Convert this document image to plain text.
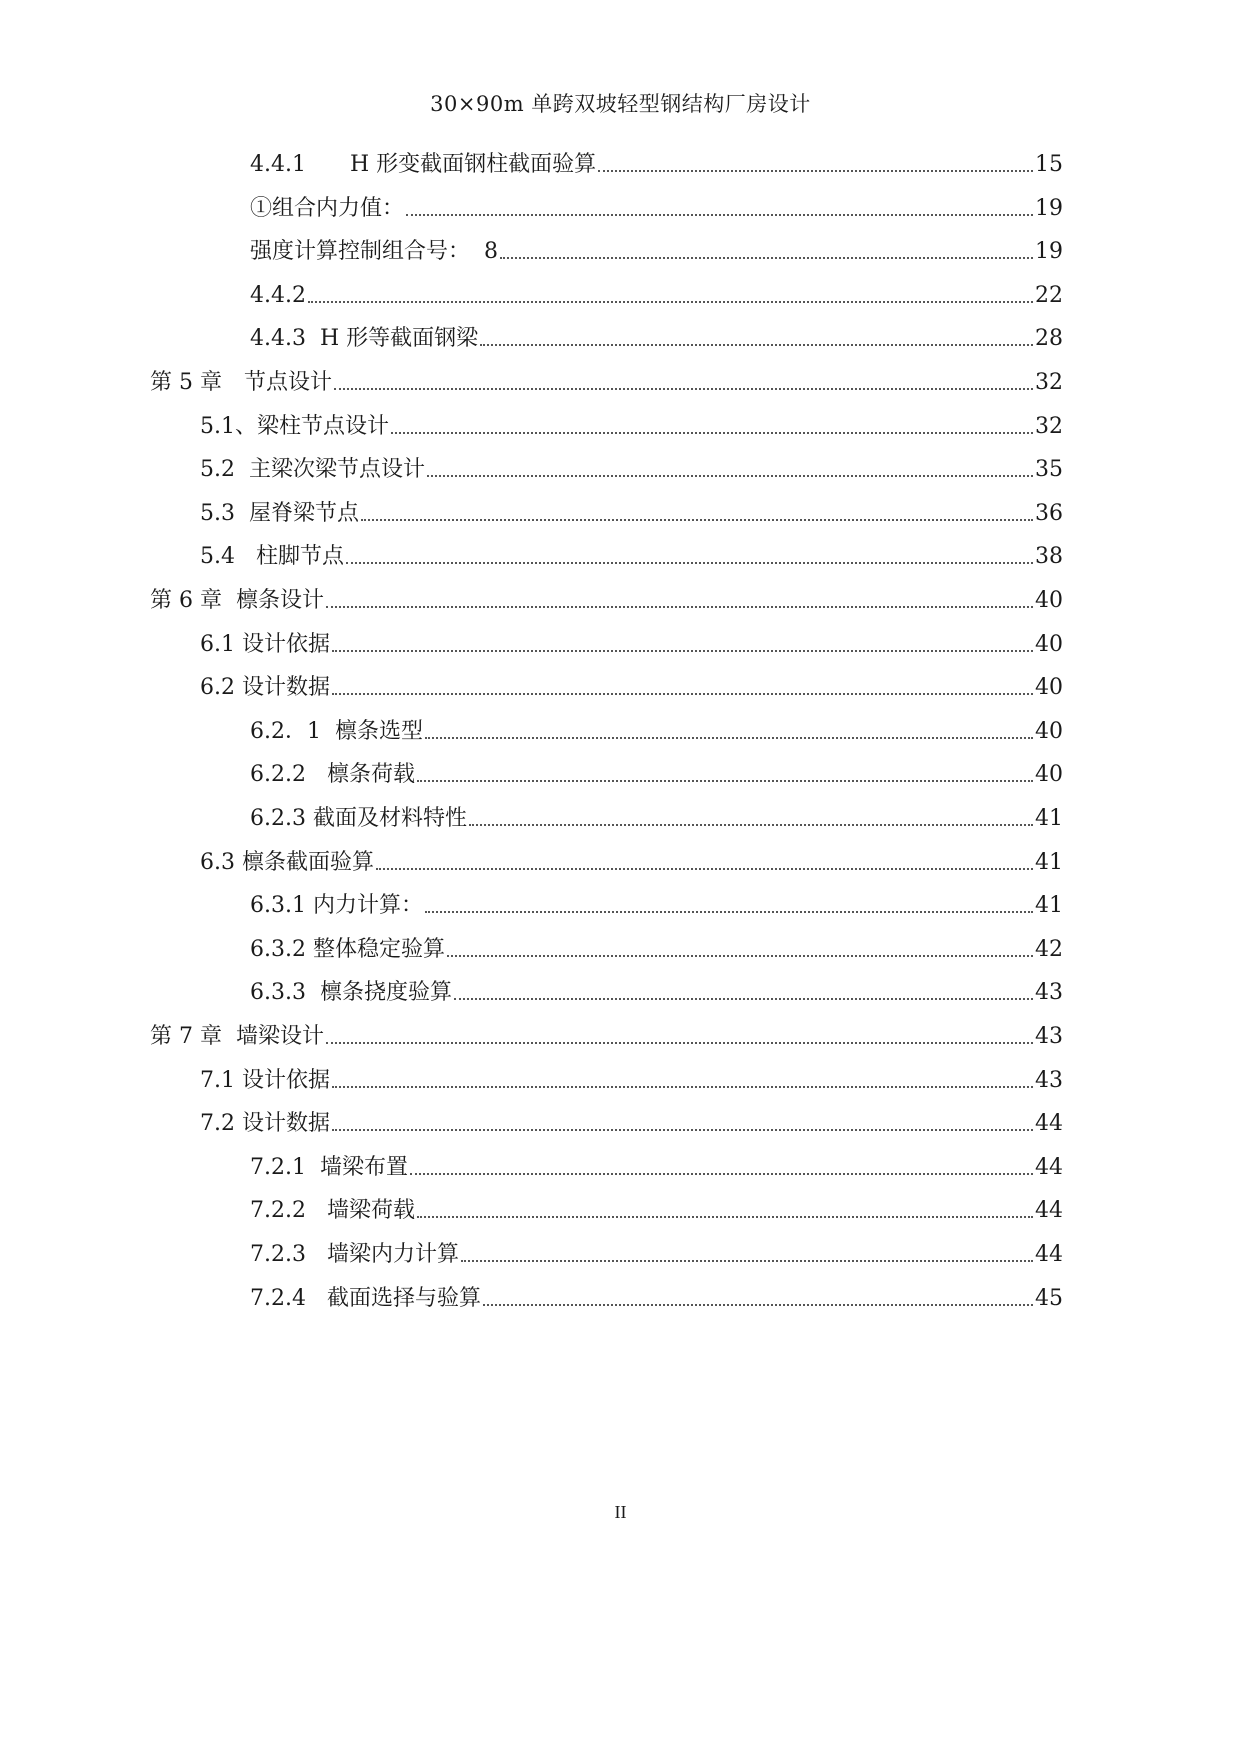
30×90m 单跨双坡轻型钢结构厂房设计
4.4.1　　H 形变截面钢柱截面验算	15
①组合内力值：	19
强度计算控制组合号：  8	19
4.4.2	22
4.4.3  H 形等截面钢梁	28
第 5 章　节点设计	32
5.1、梁柱节点设计	32
5.2  主梁次梁节点设计	35
5.3  屋脊梁节点	36
5.4   柱脚节点	38
第 6 章  檩条设计	40
6.1 设计依据	40
6.2 设计数据	40
6.2．1  檩条选型	40
6.2.2   檩条荷载	40
6.2.3 截面及材料特性	41
6.3 檩条截面验算	41
6.3.1 内力计算：	41
6.3.2 整体稳定验算	42
6.3.3  檩条挠度验算	43
第 7 章  墙梁设计	43
7.1 设计依据	43
7.2 设计数据	44
7.2.1  墙梁布置	44
7.2.2   墙梁荷载	44
7.2.3   墙梁内力计算	44
7.2.4   截面选择与验算	45
II
